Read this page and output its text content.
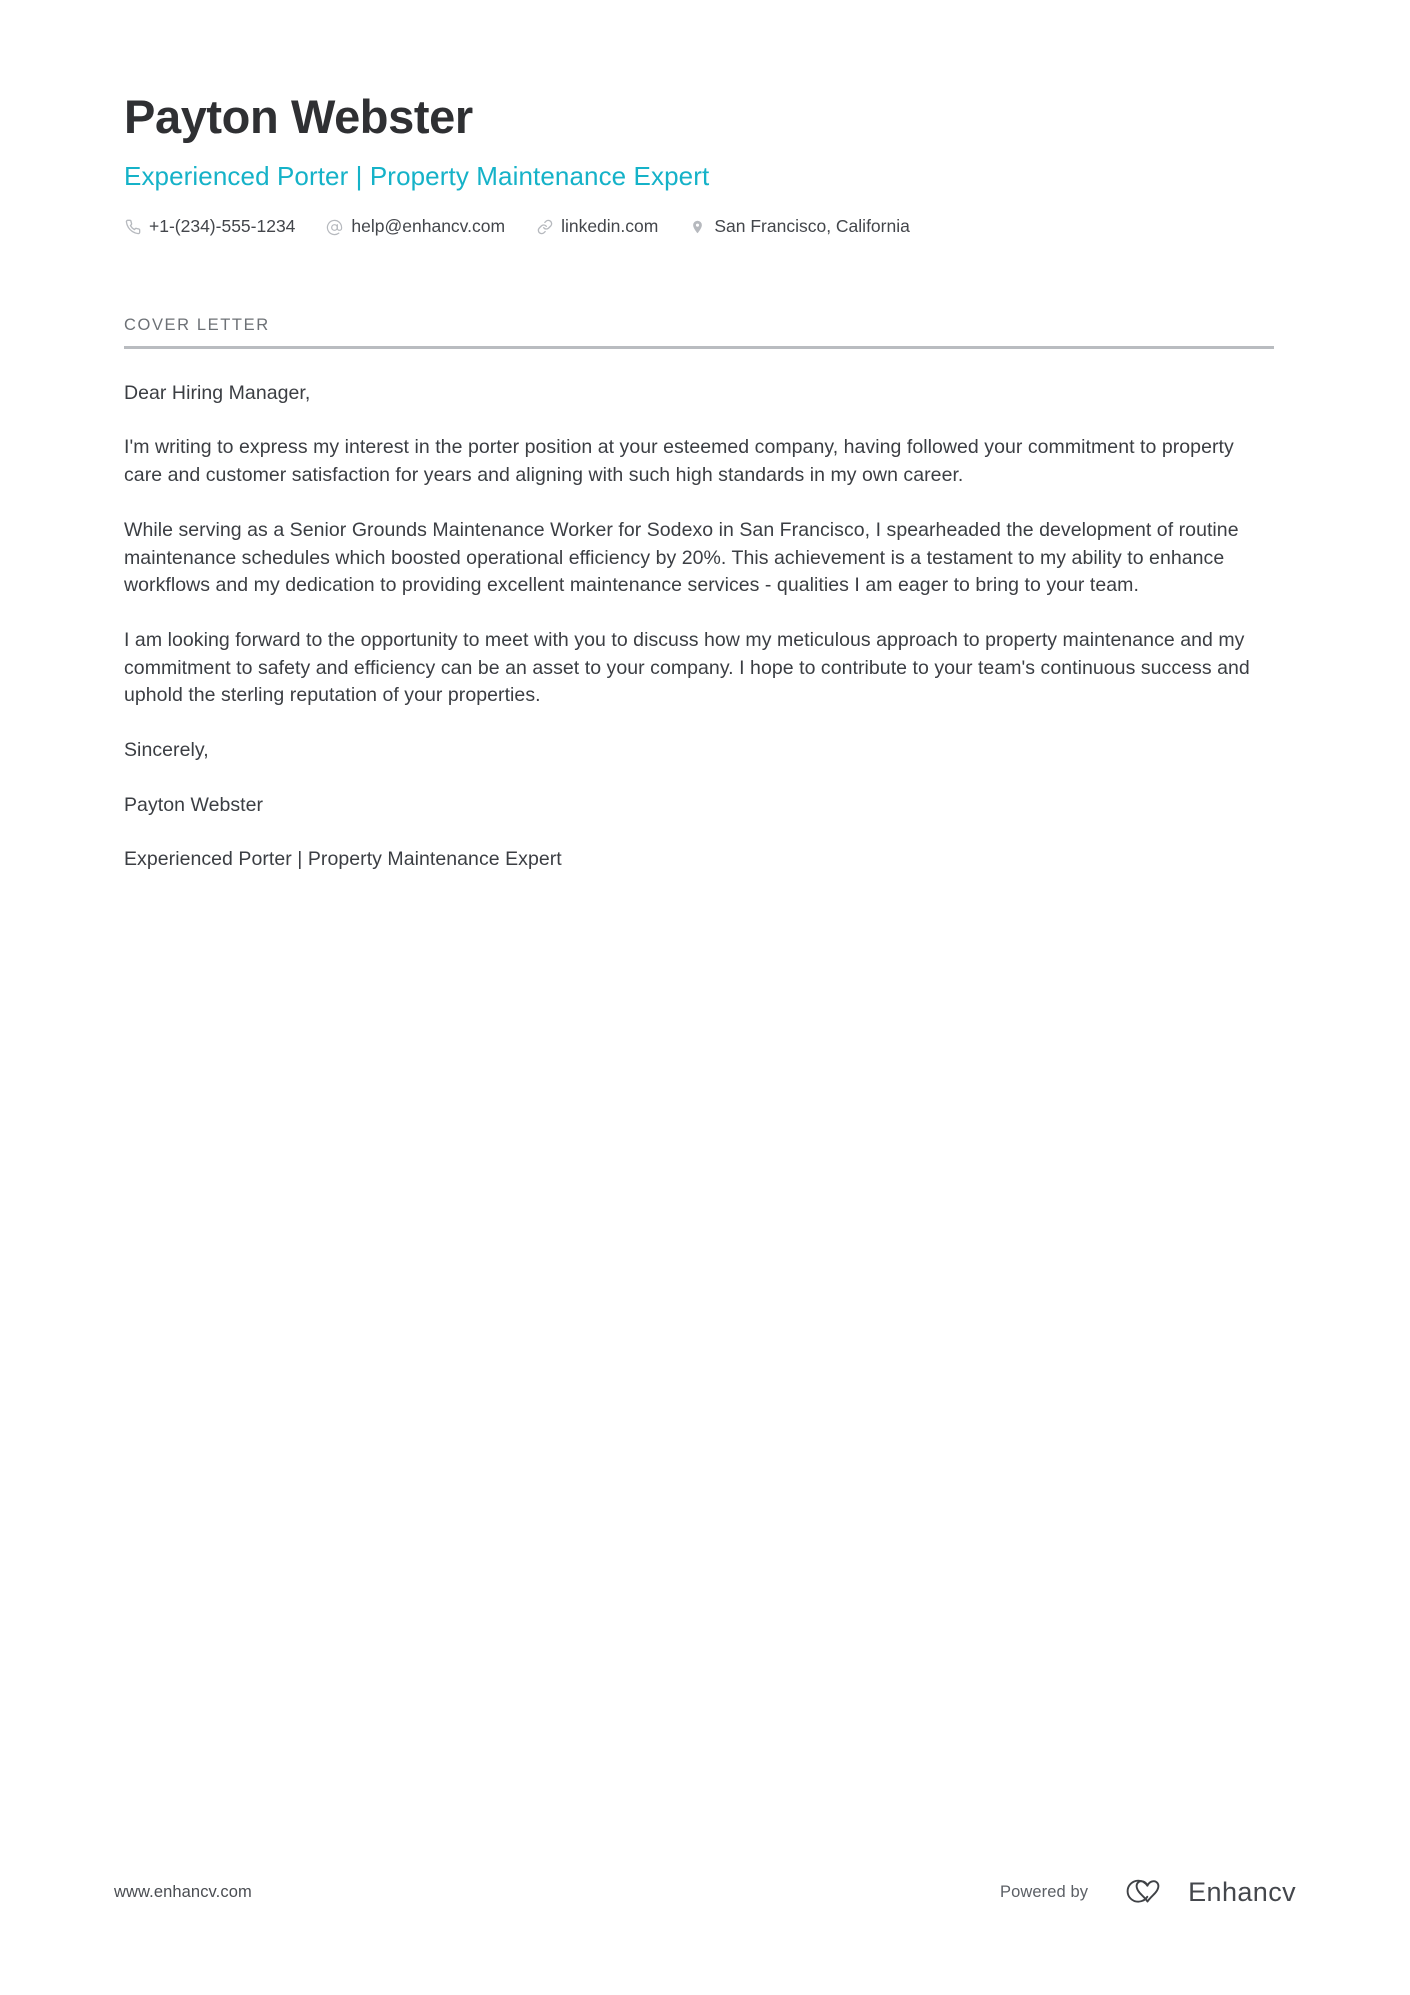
Payton Webster
Experienced Porter | Property Maintenance Expert
+1-(234)-555-1234	help@enhancv.com	linkedin.com	San Francisco, California
COVER LETTER

Dear Hiring Manager,

I'm writing to express my interest in the porter position at your esteemed company, having followed your commitment to property care and customer satisfaction for years and aligning with such high standards in my own career.

While serving as a Senior Grounds Maintenance Worker for Sodexo in San Francisco, I spearheaded the development of routine maintenance schedules which boosted operational efficiency by 20%. This achievement is a testament to my ability to enhance workflows and my dedication to providing excellent maintenance services - qualities I am eager to bring to your team.

I am looking forward to the opportunity to meet with you to discuss how my meticulous approach to property maintenance and my commitment to safety and efficiency can be an asset to your company. I hope to contribute to your team's continuous success and uphold the sterling reputation of your properties.

Sincerely,

Payton Webster

Experienced Porter | Property Maintenance Expert

www.enhancv.com	Powered by	Enhancv
